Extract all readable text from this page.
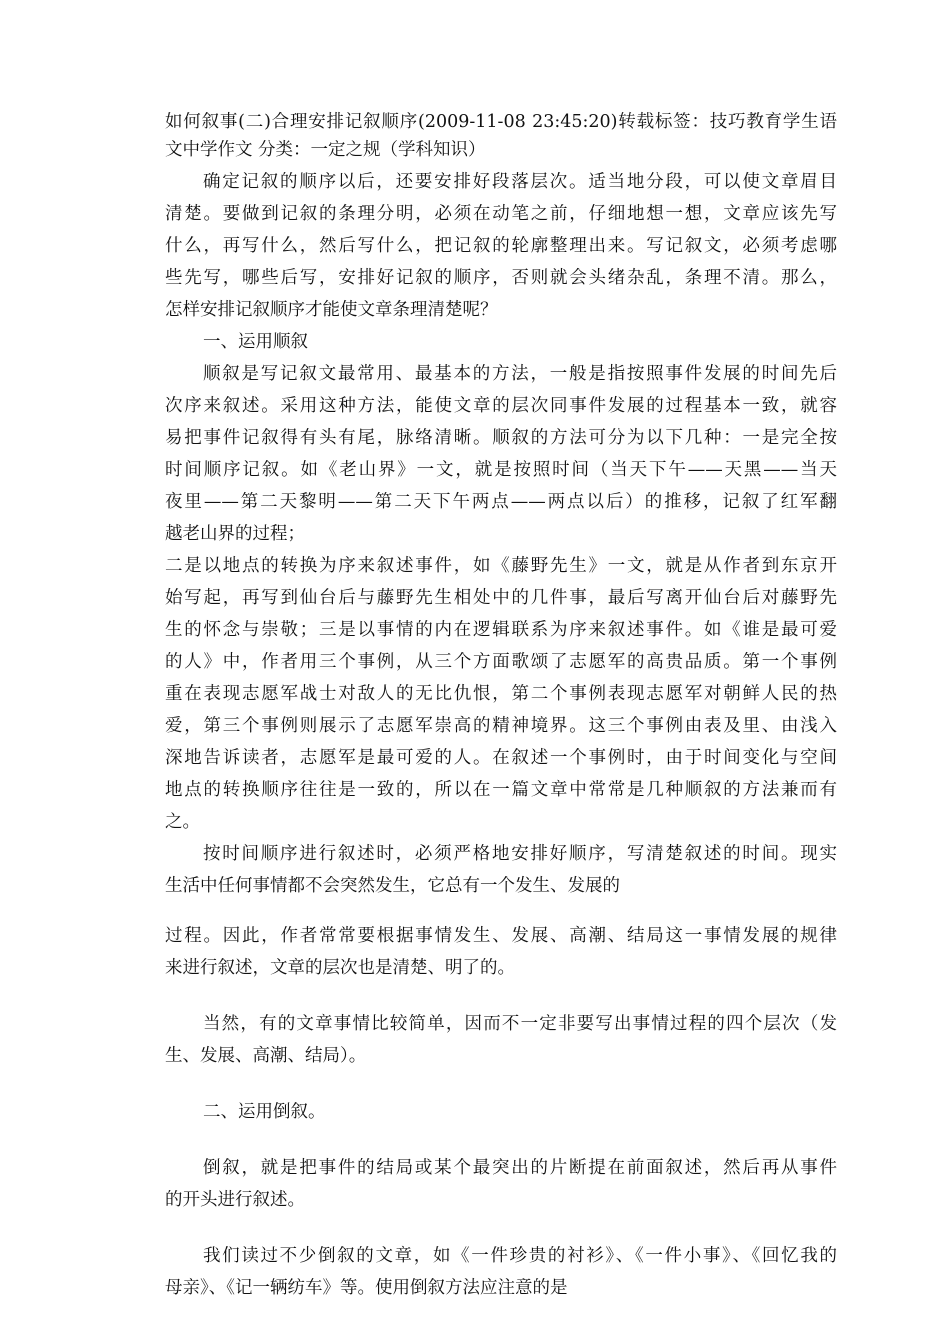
如何叙事(二)合理安排记叙顺序(2009-11-08 23:45:20)转载标签：技巧教育学生语
文中学作文 分类：一定之规（学科知识）
确定记叙的顺序以后，还要安排好段落层次。适当地分段，可以使文章眉目
清楚。要做到记叙的条理分明，必须在动笔之前，仔细地想一想，文章应该先写
什么，再写什么，然后写什么，把记叙的轮廓整理出来。写记叙文，必须考虑哪
些先写，哪些后写，安排好记叙的顺序，否则就会头绪杂乱，条理不清。那么，
怎样安排记叙顺序才能使文章条理清楚呢？
一、运用顺叙
顺叙是写记叙文最常用、最基本的方法，一般是指按照事件发展的时间先后
次序来叙述。采用这种方法，能使文章的层次同事件发展的过程基本一致，就容
易把事件记叙得有头有尾，脉络清晰。顺叙的方法可分为以下几种：一是完全按
时间顺序记叙。如《老山界》一文，就是按照时间（当天下午——天黑——当天
夜里——第二天黎明——第二天下午两点——两点以后）的推移，记叙了红军翻
越老山界的过程；
二是以地点的转换为序来叙述事件，如《藤野先生》一文，就是从作者到东京开
始写起，再写到仙台后与藤野先生相处中的几件事，最后写离开仙台后对藤野先
生的怀念与崇敬；三是以事情的内在逻辑联系为序来叙述事件。如《谁是最可爱
的人》中，作者用三个事例，从三个方面歌颂了志愿军的高贵品质。第一个事例
重在表现志愿军战士对敌人的无比仇恨，第二个事例表现志愿军对朝鲜人民的热
爱，第三个事例则展示了志愿军崇高的精神境界。这三个事例由表及里、由浅入
深地告诉读者，志愿军是最可爱的人。在叙述一个事例时，由于时间变化与空间
地点的转换顺序往往是一致的，所以在一篇文章中常常是几种顺叙的方法兼而有
之。
按时间顺序进行叙述时，必须严格地安排好顺序，写清楚叙述的时间。现实
生活中任何事情都不会突然发生，它总有一个发生、发展的
过程。因此，作者常常要根据事情发生、发展、高潮、结局这一事情发展的规律
来进行叙述，文章的层次也是清楚、明了的。
当然，有的文章事情比较简单，因而不一定非要写出事情过程的四个层次（发
生、发展、高潮、结局）。
二、运用倒叙。
倒叙，就是把事件的结局或某个最突出的片断提在前面叙述，然后再从事件
的开头进行叙述。
我们读过不少倒叙的文章，如《一件珍贵的衬衫》、《一件小事》、《回忆我的
母亲》、《记一辆纺车》等。使用倒叙方法应注意的是
